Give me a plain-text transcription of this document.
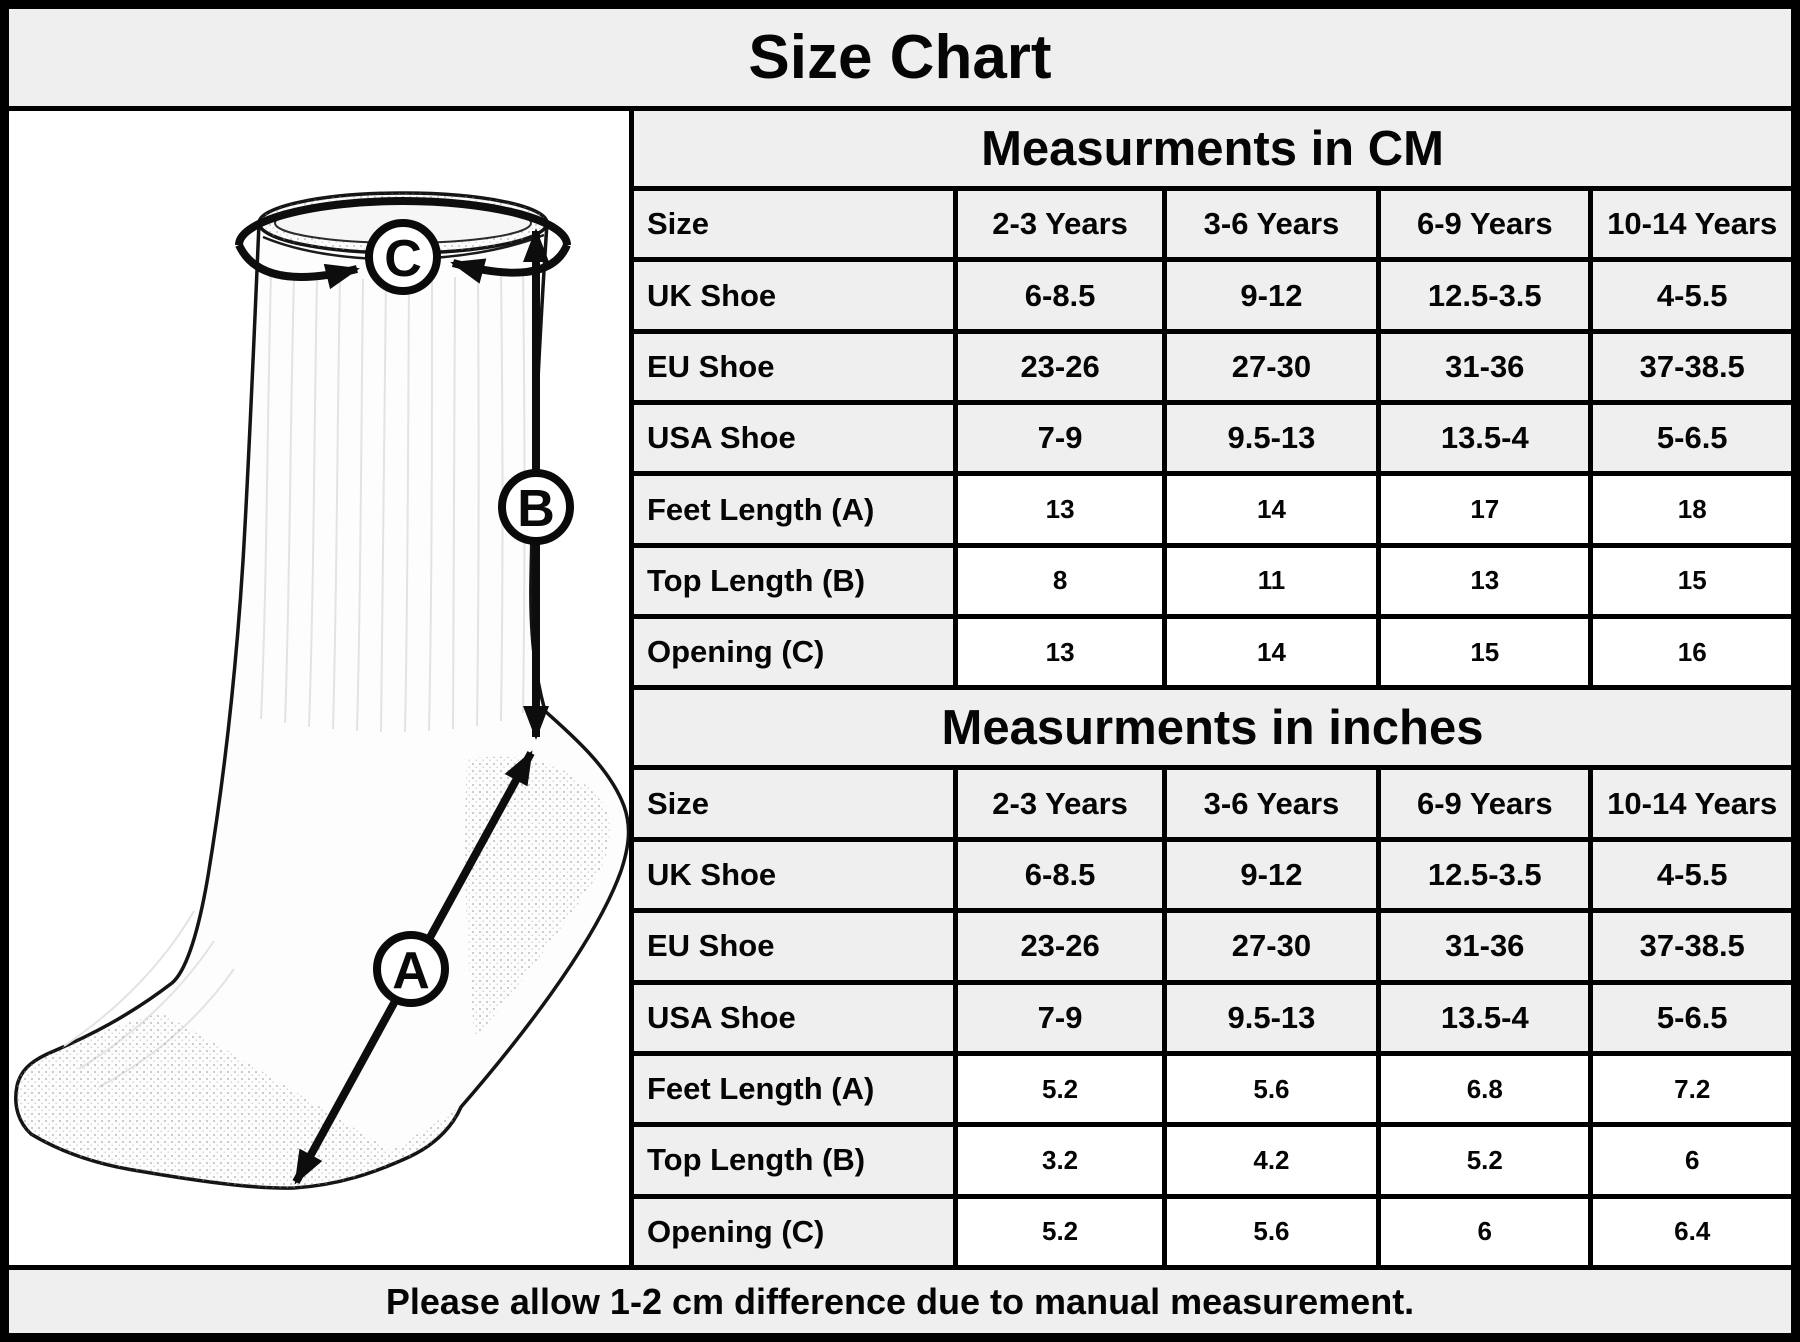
Size Chart
C
B
A
Measurments in CM
Size	2-3 Years	3-6 Years	6-9 Years	10-14 Years
UK Shoe	6-8.5	9-12	12.5-3.5	4-5.5
EU Shoe	23-26	27-30	31-36	37-38.5
USA Shoe	7-9	9.5-13	13.5-4	5-6.5
Feet Length (A)	13	14	17	18
Top Length (B)	8	11	13	15
Opening (C)	13	14	15	16
Measurments in inches
Size	2-3 Years	3-6 Years	6-9 Years	10-14 Years
UK Shoe	6-8.5	9-12	12.5-3.5	4-5.5
EU Shoe	23-26	27-30	31-36	37-38.5
USA Shoe	7-9	9.5-13	13.5-4	5-6.5
Feet Length (A)	5.2	5.6	6.8	7.2
Top Length (B)	3.2	4.2	5.2	6
Opening (C)	5.2	5.6	6	6.4

Please allow 1-2 cm difference due to manual measurement.
